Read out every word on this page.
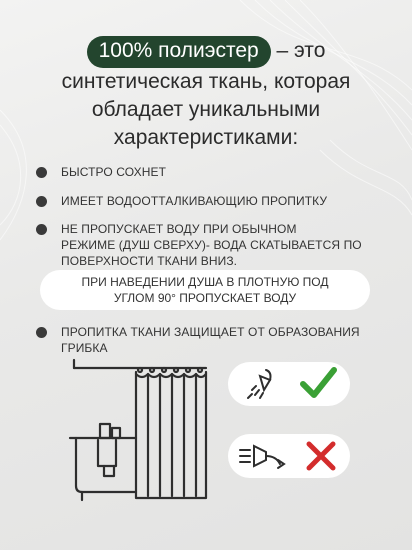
100% полиэстер – это
синтетическая ткань, которая
обладает уникальными
характеристиками:
БЫСТРО СОХНЕТ
ИМЕЕТ ВОДООТТАЛКИВАЮЩИЮ ПРОПИТКУ
НЕ ПРОПУСКАЕТ ВОДУ ПРИ ОБЫЧНОМ
РЕЖИМЕ (ДУШ СВЕРХУ)- ВОДА СКАТЫВАЕТСЯ ПО
ПОВЕРХНОСТИ ТКАНИ ВНИЗ.
ПРИ НАВЕДЕНИИ ДУША В ПЛОТНУЮ ПОД
УГЛОМ 90° ПРОПУСКАЕТ ВОДУ
ПРОПИТКА ТКАНИ ЗАЩИЩАЕТ ОТ ОБРАЗОВАНИЯ
ГРИБКА
